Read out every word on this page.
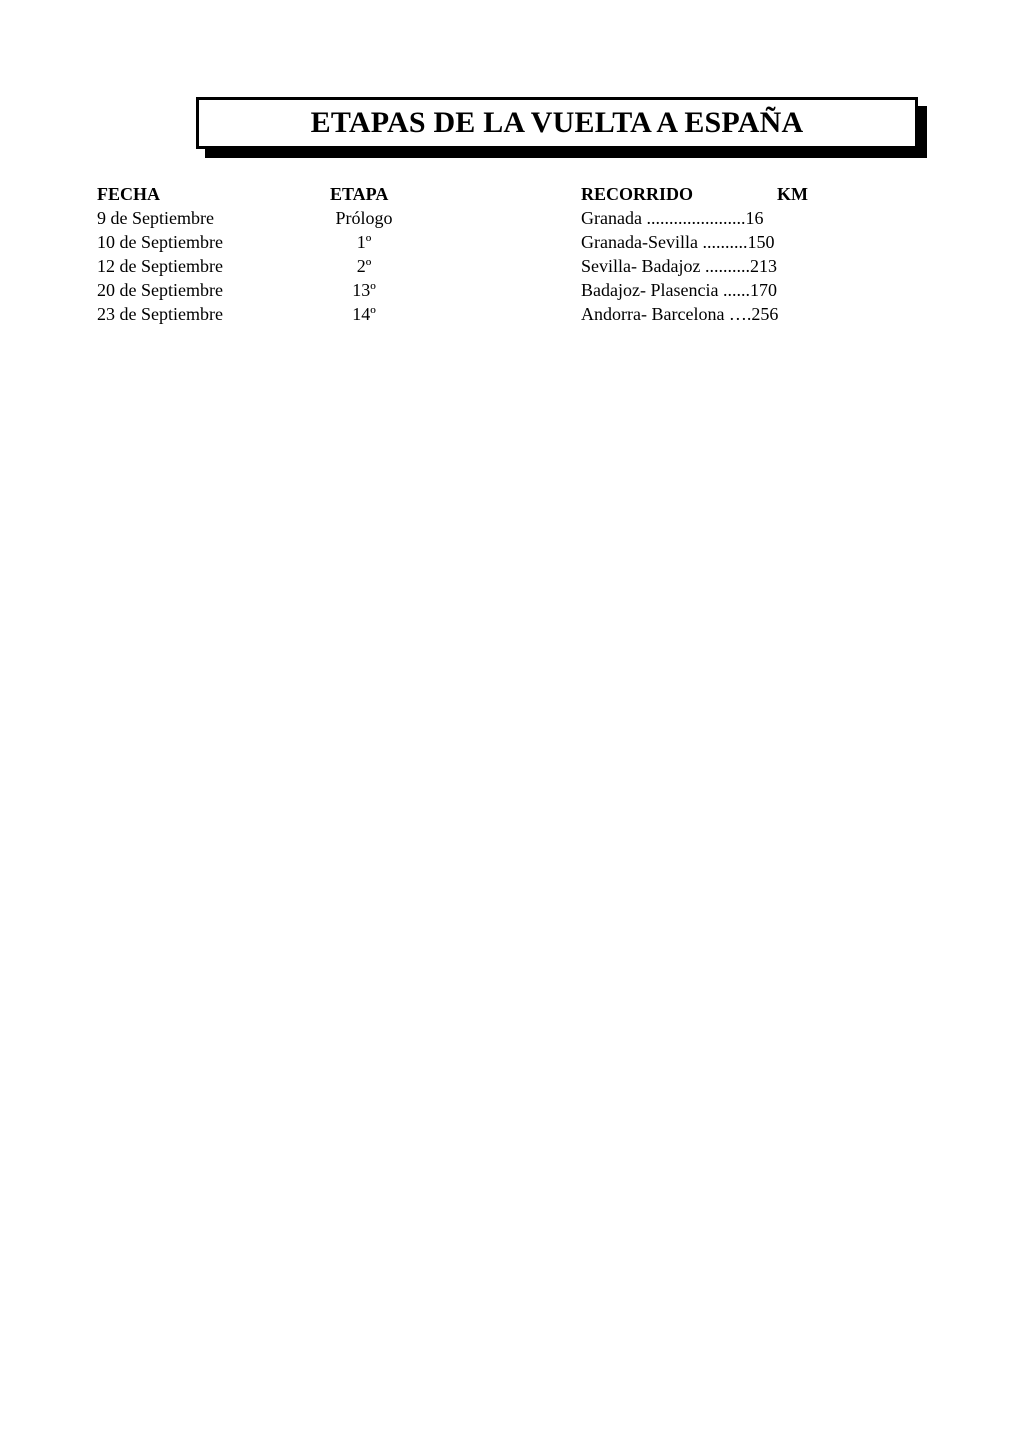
ETAPAS DE LA VUELTA A ESPAÑA
FECHA	ETAPA	RECORRIDO	KM
9 de Septiembre	Prólogo	Granada ......................16
10 de Septiembre	1º	Granada-Sevilla ..........150
12 de Septiembre	2º	Sevilla- Badajoz ..........213
20 de Septiembre	13º	Badajoz- Plasencia ......170
23 de Septiembre	14º	Andorra- Barcelona ….256
